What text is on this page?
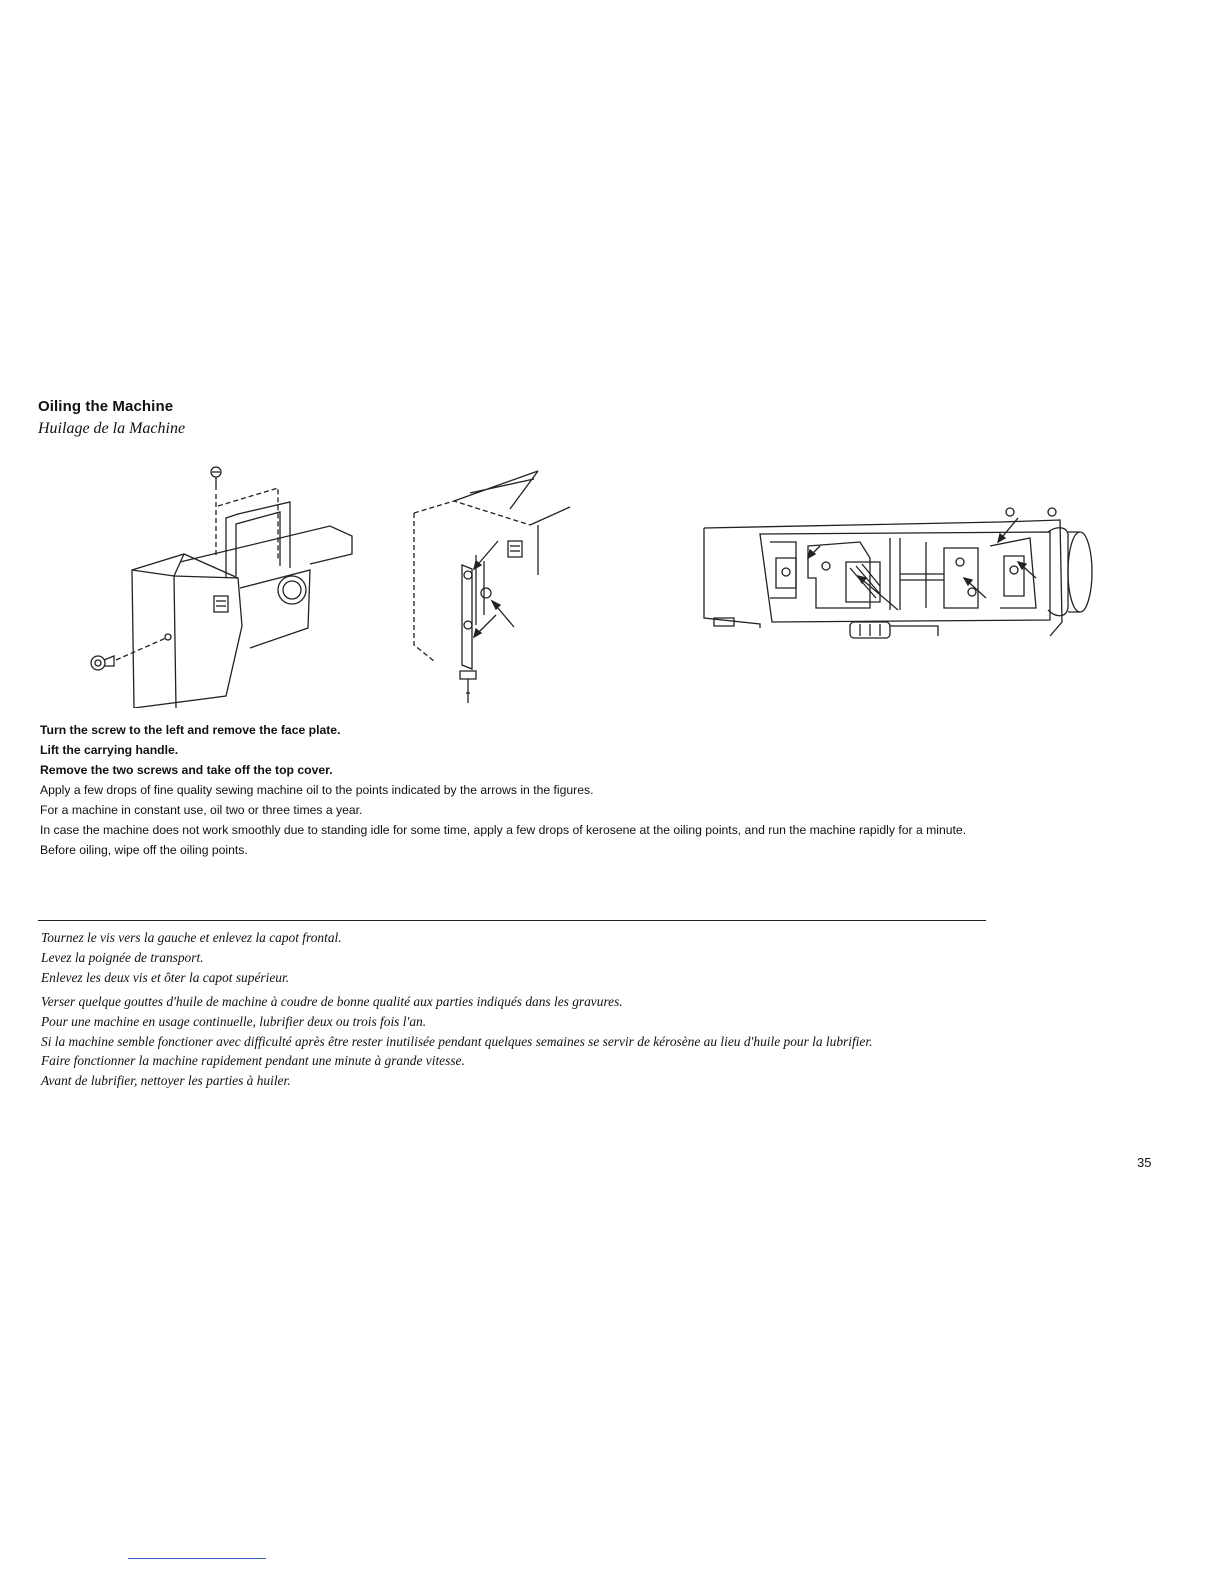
Oiling the Machine
Huilage de la Machine
Turn the screw to the left and remove the face plate.
Lift the carrying handle.
Remove the two screws and take off the top cover.
Apply a few drops of fine quality sewing machine oil to the points indicated by the arrows in the figures.
For a machine in constant use, oil two or three times a year.
In case the machine does not work smoothly due to standing idle for some time, apply a few drops of kerosene at the oiling points, and run the machine rapidly for a minute.
Before oiling, wipe off the oiling points.
Tournez le vis vers la gauche et enlevez la capot frontal.
Levez la poignée de transport.
Enlevez les deux vis et ôter la capot supérieur.
Verser quelque gouttes d'huile de machine à coudre de bonne qualité aux parties indiqués dans les gravures.
Pour une machine en usage continuelle, lubrifier deux ou trois fois l'an.
Si la machine semble fonctioner avec difficulté après être rester inutilisée pendant quelques semaines se servir de kérosène au lieu d'huile pour la lubrifier.
Faire fonctionner la machine rapidement pendant une minute à grande vitesse.
Avant de lubrifier, nettoyer les parties à huiler.
35
